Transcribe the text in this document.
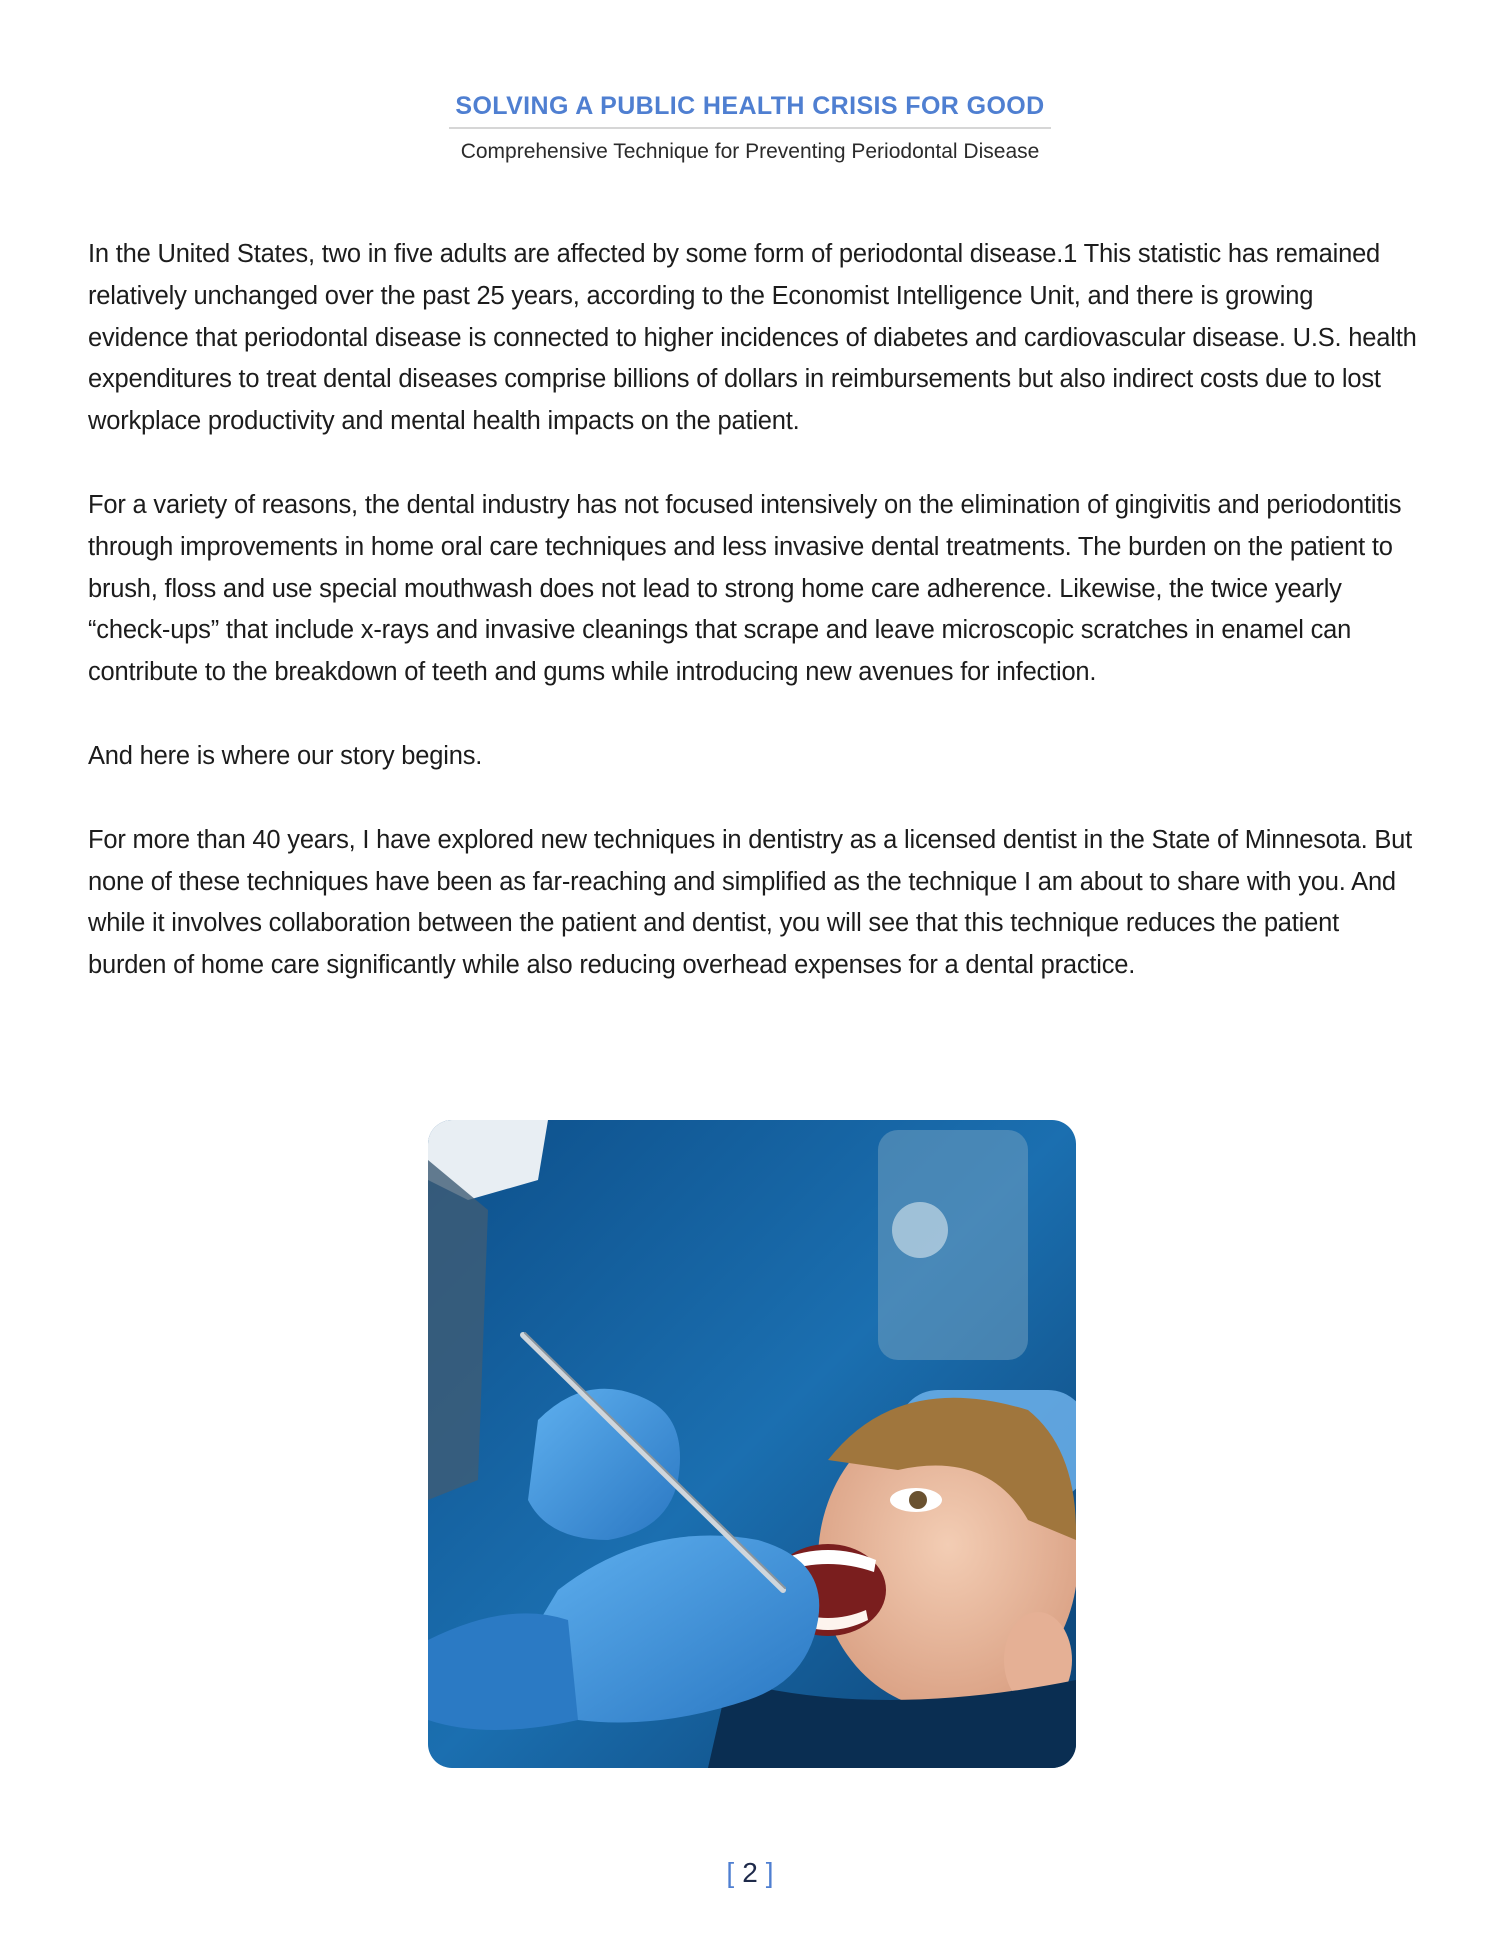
SOLVING A PUBLIC HEALTH CRISIS FOR GOOD
Comprehensive Technique for Preventing Periodontal Disease

In the United States, two in five adults are affected by some form of periodontal disease.1 This statistic has remained relatively unchanged over the past 25 years, according to the Economist Intelligence Unit, and there is growing evidence that periodontal disease is connected to higher incidences of diabetes and cardiovascular disease. U.S. health expenditures to treat dental diseases comprise billions of dollars in reimbursements but also indirect costs due to lost workplace productivity and mental health impacts on the patient.

For a variety of reasons, the dental industry has not focused intensively on the elimination of gingivitis and periodontitis through improvements in home oral care techniques and less invasive dental treatments. The burden on the patient to brush, floss and use special mouthwash does not lead to strong home care adherence. Likewise, the twice yearly “check-ups” that include x-rays and invasive cleanings that scrape and leave microscopic scratches in enamel can contribute to the breakdown of teeth and gums while introducing new avenues for infection.

And here is where our story begins.

For more than 40 years, I have explored new techniques in dentistry as a licensed dentist in the State of Minnesota. But none of these techniques have been as far-reaching and simplified as the technique I am about to share with you. And while it involves collaboration between the patient and dentist, you will see that this technique reduces the patient burden of home care significantly while also reducing overhead expenses for a dental practice.

[ 2 ]
